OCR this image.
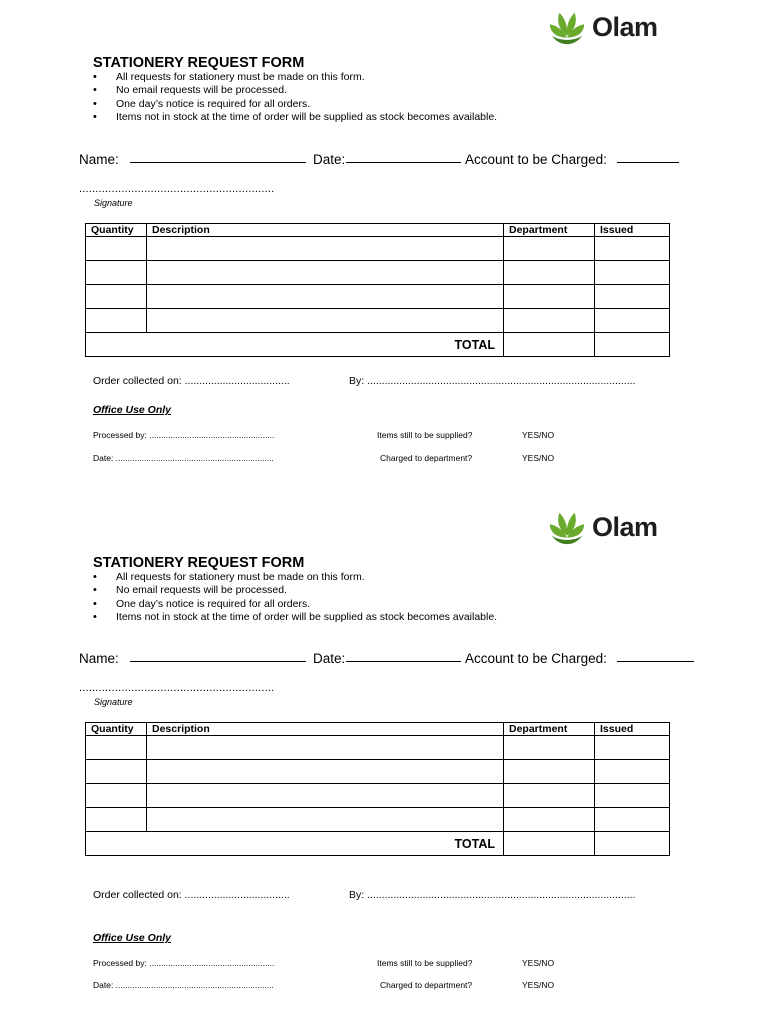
Olam
STATIONERY REQUEST FORM
• All requests for stationery must be made on this form.
• No email requests will be processed.
• One day’s notice is required for all orders.
• Items not in stock at the time of order will be supplied as stock becomes available.
Name:	Date:	Account to be Charged:
............................................................
Signature
Quantity	Description	Department	Issued

TOTAL			
Order collected on: ....................................	By: ............................................................................................
Office Use Only
Processed by: .....................................................	Items still to be supplied?	YES/NO
Date: ...................................................................	Charged to department?	YES/NO
Olam
STATIONERY REQUEST FORM
• All requests for stationery must be made on this form.
• No email requests will be processed.
• One day’s notice is required for all orders.
• Items not in stock at the time of order will be supplied as stock becomes available.
Name:	Date:	Account to be Charged:
............................................................
Signature
Quantity	Description	Department	Issued

TOTAL			
Order collected on: ....................................	By: ............................................................................................
Office Use Only
Processed by: .....................................................	Items still to be supplied?	YES/NO
Date: ...................................................................	Charged to department?	YES/NO
